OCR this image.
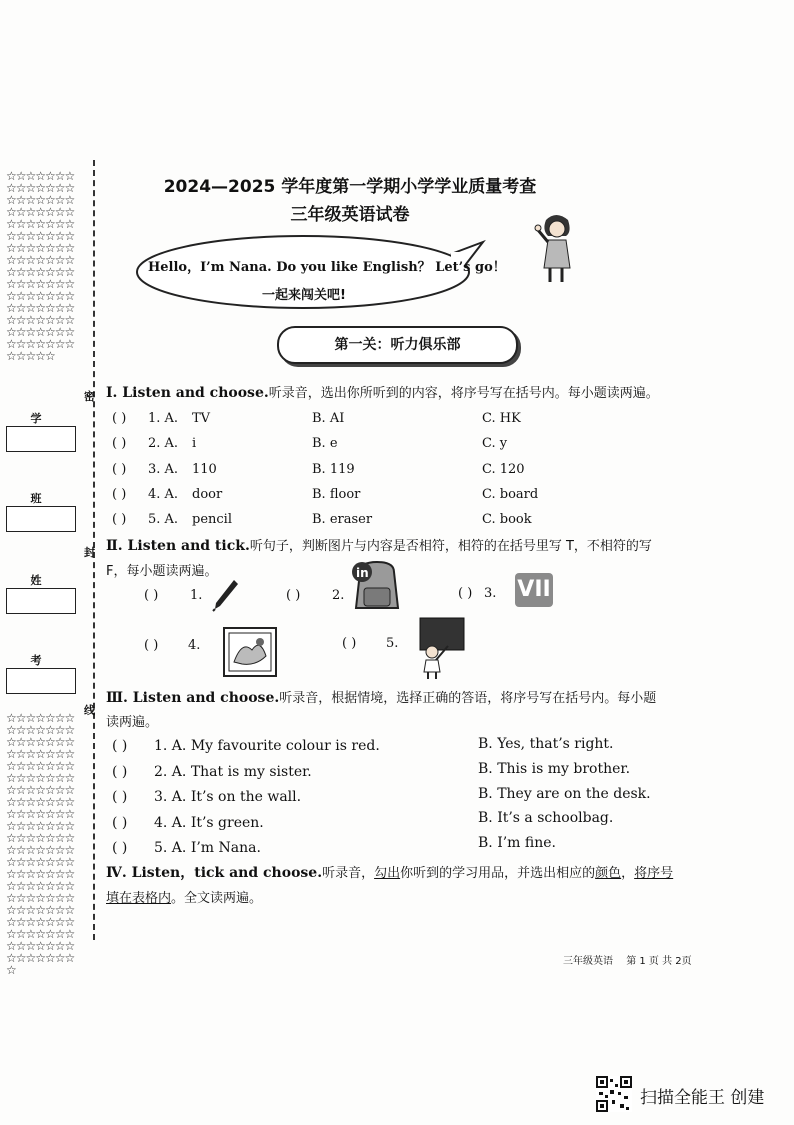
☆☆☆☆☆☆☆☆☆☆☆☆☆☆☆☆☆☆☆☆☆☆☆☆☆☆☆☆☆☆☆☆☆☆☆☆☆☆☆☆☆☆☆☆☆☆☆☆☆☆☆☆☆☆☆☆☆☆☆☆☆☆☆☆☆☆☆☆☆☆☆☆☆☆☆☆☆☆☆☆☆☆☆☆☆☆☆☆☆☆☆☆☆☆☆☆☆☆☆☆☆☆☆☆☆☆☆☆☆☆
☆☆☆☆☆☆☆☆☆☆☆☆☆☆☆☆☆☆☆☆☆☆☆☆☆☆☆☆☆☆☆☆☆☆☆☆☆☆☆☆☆☆☆☆☆☆☆☆☆☆☆☆☆☆☆☆☆☆☆☆☆☆☆☆☆☆☆☆☆☆☆☆☆☆☆☆☆☆☆☆☆☆☆☆☆☆☆☆☆☆☆☆☆☆☆☆☆☆☆☆☆☆☆☆☆☆☆☆☆☆☆☆☆☆☆☆☆☆☆☆☆☆☆☆☆☆☆☆☆☆☆☆☆☆☆☆☆☆☆☆☆☆☆☆☆☆☆☆
学
班
姓
考
密
封
线
2024—2025 学年度第一学期小学学业质量考查
三年级英语试卷
Hello，I’m Nana. Do you like English？ Let’s go！
一起来闯关吧!
第一关：听力俱乐部
Ⅰ. Listen and choose.听录音，选出你所听到的内容，将序号写在括号内。每小题读两遍。
( ) 1. A. TV	B. AI	C. HK
( ) 2. A. i	B. e	C. y
( ) 3. A. 110	B. 119	C. 120
( ) 4. A. door	B. floor	C. board
( ) 5. A. pencil	B. eraser	C. book
Ⅱ. Listen and tick.听句子，判断图片与内容是否相符，相符的在括号里写 T，不相符的写
F，每小题读两遍。
( ) 1.	( ) 2.
in
( ) 3. VII
( ) 4.	( ) 5.
Ⅲ. Listen and choose.听录音，根据情境，选择正确的答语，将序号写在括号内。每小题
读两遍。
( ) 1. A. My favourite colour is red.	B. Yes, that’s right.
( ) 2. A. That is my sister.	B. This is my brother.
( ) 3. A. It’s on the wall.	B. They are on the desk.
( ) 4. A. It’s green.	B. It’s a schoolbag.
( ) 5. A. I’m Nana.	B. I’m fine.
Ⅳ. Listen，tick and choose.听录音，勾出你听到的学习用品，并选出相应的颜色，将序号
填在表格内。全文读两遍。
三年级英语 第 1 页 共 2页
扫描全能王 创建
